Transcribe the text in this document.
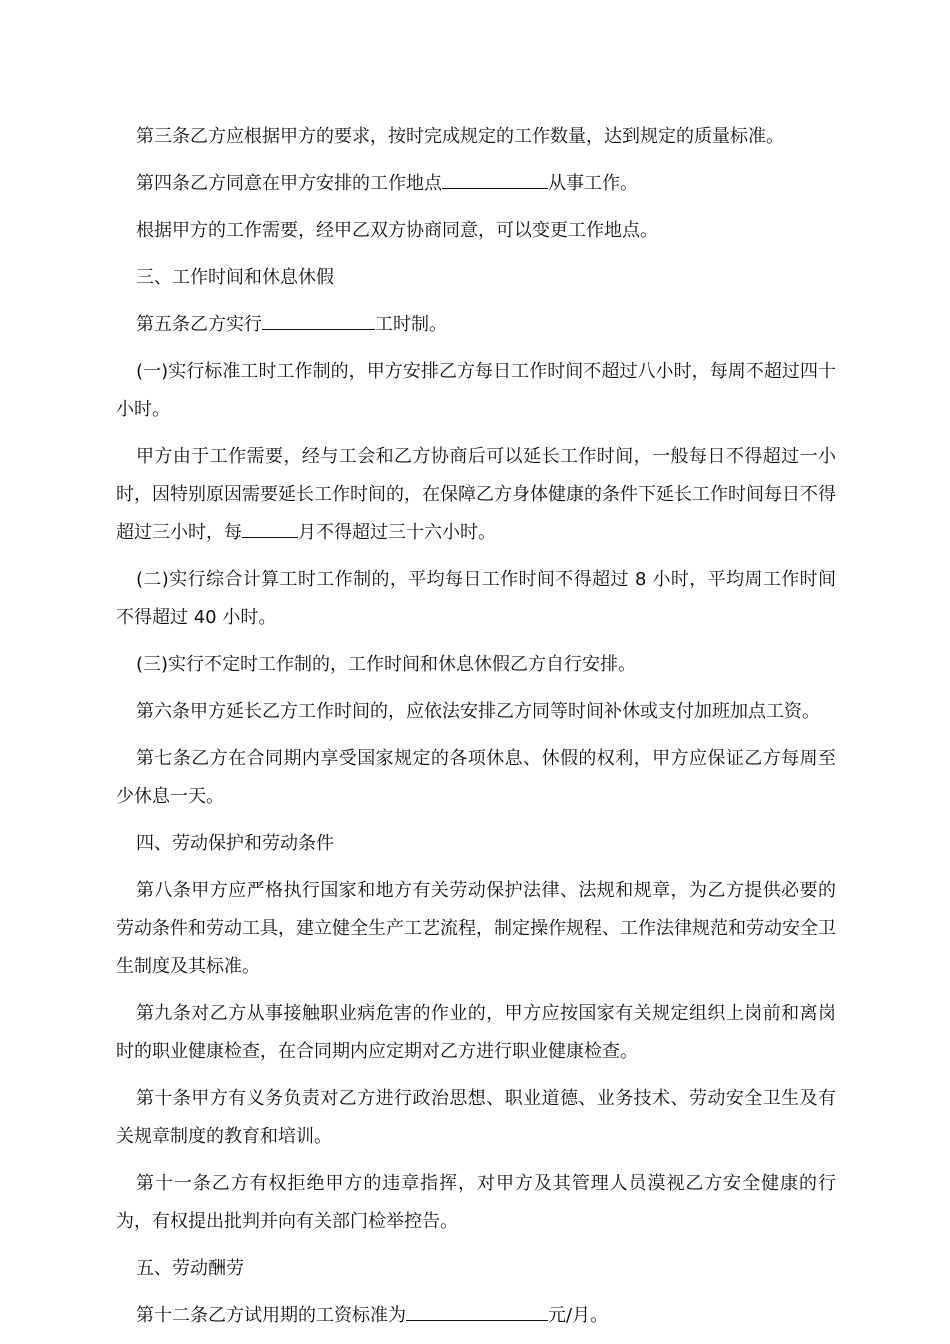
第三条乙方应根据甲方的要求，按时完成规定的工作数量，达到规定的质量标准。

第四条乙方同意在甲方安排的工作地点	从事工作。

根据甲方的工作需要，经甲乙双方协商同意，可以变更工作地点。

三、工作时间和休息休假

第五条乙方实行	工时制。

(一)实行标准工时工作制的，甲方安排乙方每日工作时间不超过八小时，每周不超过四十小时。

甲方由于工作需要，经与工会和乙方协商后可以延长工作时间，一般每日不得超过一小时，因特别原因需要延长工作时间的，在保障乙方身体健康的条件下延长工作时间每日不得超过三小时，每	月不得超过三十六小时。

(二)实行综合计算工时工作制的，平均每日工作时间不得超过 8 小时，平均周工作时间不得超过 40 小时。

(三)实行不定时工作制的，工作时间和休息休假乙方自行安排。

第六条甲方延长乙方工作时间的，应依法安排乙方同等时间补休或支付加班加点工资。

第七条乙方在合同期内享受国家规定的各项休息、休假的权利，甲方应保证乙方每周至少休息一天。

四、劳动保护和劳动条件

第八条甲方应严格执行国家和地方有关劳动保护法律、法规和规章，为乙方提供必要的劳动条件和劳动工具，建立健全生产工艺流程，制定操作规程、工作法律规范和劳动安全卫生制度及其标准。

第九条对乙方从事接触职业病危害的作业的，甲方应按国家有关规定组织上岗前和离岗时的职业健康检查，在合同期内应定期对乙方进行职业健康检查。

第十条甲方有义务负责对乙方进行政治思想、职业道德、业务技术、劳动安全卫生及有关规章制度的教育和培训。

第十一条乙方有权拒绝甲方的违章指挥，对甲方及其管理人员漠视乙方安全健康的行为，有权提出批判并向有关部门检举控告。

五、劳动酬劳

第十二条乙方试用期的工资标准为	元/月。
